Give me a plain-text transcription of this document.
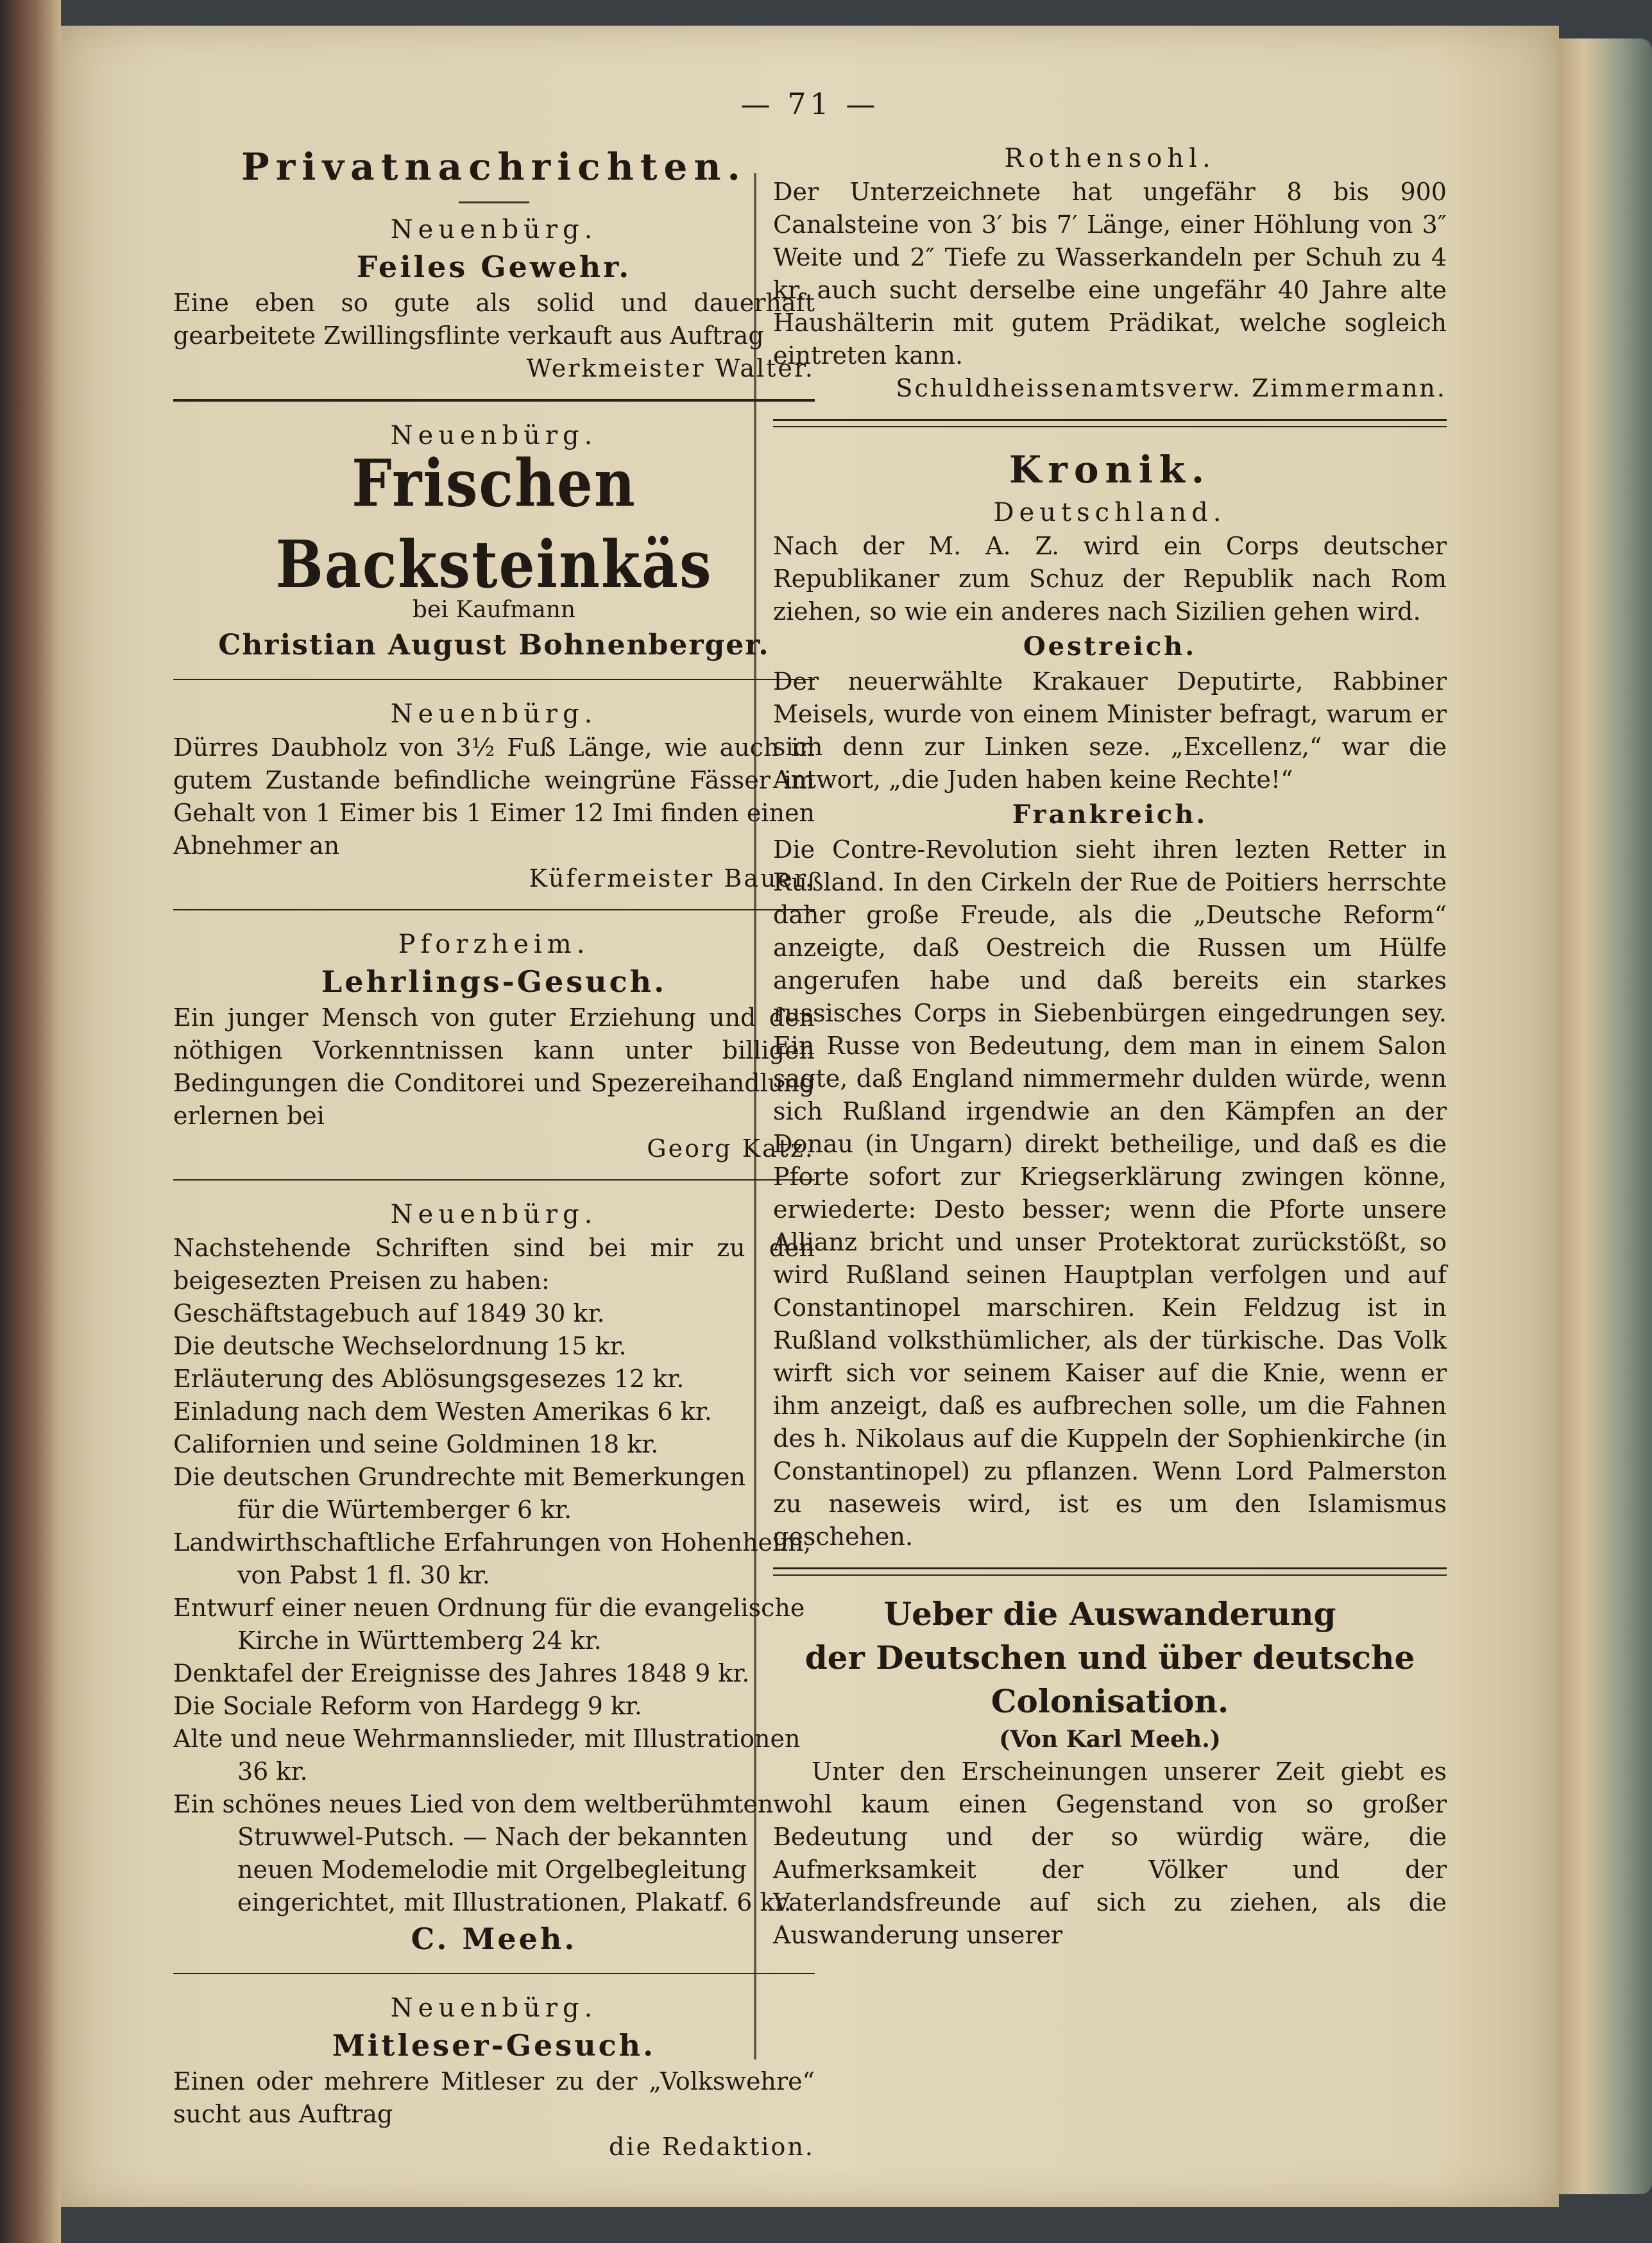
— 71 —

Privatnachrichten.

Neuenbürg.

Feiles Gewehr.

Eine eben so gute als solid und dauerhaft gearbeitete Zwillingsflinte verkauft aus Auftrag

Werkmeister Walter.

Neuenbürg.

Frischen Backsteinkäs

bei Kaufmann

Christian August Bohnenberger.

Neuenbürg.

Dürres Daubholz von 3½ Fuß Länge, wie auch in gutem Zustande befindliche weingrüne Fässer im Gehalt von 1 Eimer bis 1 Eimer 12 Imi finden einen Abnehmer an

Küfermeister Bauer.

Pforzheim.

Lehrlings-Gesuch.

Ein junger Mensch von guter Erziehung und den nöthigen Vorkenntnissen kann unter billigen Bedingungen die Conditorei und Spezereihandlung erlernen bei

Georg Katz.

Neuenbürg.

Nachstehende Schriften sind bei mir zu den beigesezten Preisen zu haben:

Geschäftstagebuch auf 1849 30 kr.

Die deutsche Wechselordnung 15 kr.

Erläuterung des Ablösungsgesezes 12 kr.

Einladung nach dem Westen Amerikas 6 kr.

Californien und seine Goldminen 18 kr.

Die deutschen Grundrechte mit Bemerkungen
für die Würtemberger 6 kr.

Landwirthschaftliche Erfahrungen von Hohenheim,
von Pabst 1 fl. 30 kr.

Entwurf einer neuen Ordnung für die evangelische
Kirche in Württemberg 24 kr.

Denktafel der Ereignisse des Jahres 1848 9 kr.

Die Sociale Reform von Hardegg 9 kr.

Alte und neue Wehrmannslieder, mit Illustrationen
36 kr.

Ein schönes neues Lied von dem weltberühmten
Struwwel-Putsch. — Nach der bekannten neuen Modemelodie mit Orgelbegleitung eingerichtet, mit Illustrationen, Plakatf. 6 kr.

C. Meeh.

Neuenbürg.

Mitleser-Gesuch.

Einen oder mehrere Mitleser zu der „Volkswehre“ sucht aus Auftrag

die Redaktion.

Rothensohl.

Der Unterzeichnete hat ungefähr 8 bis 900 Canalsteine von 3′ bis 7′ Länge, einer Höhlung von 3″ Weite und 2″ Tiefe zu Wasserkandeln per Schuh zu 4 kr. auch sucht derselbe eine ungefähr 40 Jahre alte Haushälterin mit gutem Prädikat, welche sogleich eintreten kann.

Schuldheissenamtsverw. Zimmermann.

Kronik.

Deutschland.

Nach der M. A. Z. wird ein Corps deutscher Republikaner zum Schuz der Republik nach Rom ziehen, so wie ein anderes nach Sizilien gehen wird.

Oestreich.

Der neuerwählte Krakauer Deputirte, Rabbiner Meisels, wurde von einem Minister befragt, warum er sich denn zur Linken seze. „Excellenz,“ war die Antwort, „die Juden haben keine Rechte!“

Frankreich.

Die Contre-Revolution sieht ihren lezten Retter in Rußland. In den Cirkeln der Rue de Poitiers herrschte daher große Freude, als die „Deutsche Reform“ anzeigte, daß Oestreich die Russen um Hülfe angerufen habe und daß bereits ein starkes russisches Corps in Siebenbürgen eingedrungen sey. Ein Russe von Bedeutung, dem man in einem Salon sagte, daß England nimmermehr dulden würde, wenn sich Rußland irgendwie an den Kämpfen an der Donau (in Ungarn) direkt betheilige, und daß es die Pforte sofort zur Kriegserklärung zwingen könne, erwiederte: Desto besser; wenn die Pforte unsere Allianz bricht und unser Protektorat zurückstößt, so wird Rußland seinen Hauptplan verfolgen und auf Constantinopel marschiren. Kein Feldzug ist in Rußland volksthümlicher, als der türkische. Das Volk wirft sich vor seinem Kaiser auf die Knie, wenn er ihm anzeigt, daß es aufbrechen solle, um die Fahnen des h. Nikolaus auf die Kuppeln der Sophienkirche (in Constantinopel) zu pflanzen. Wenn Lord Palmerston zu naseweis wird, ist es um den Islamismus geschehen.

Ueber die Auswanderung

der Deutschen und über deutsche

Colonisation.

(Von Karl Meeh.)

Unter den Erscheinungen unserer Zeit giebt es wohl kaum einen Gegenstand von so großer Bedeutung und der so würdig wäre, die Aufmerksamkeit der Völker und der Vaterlandsfreunde auf sich zu ziehen, als die Auswanderung unserer
